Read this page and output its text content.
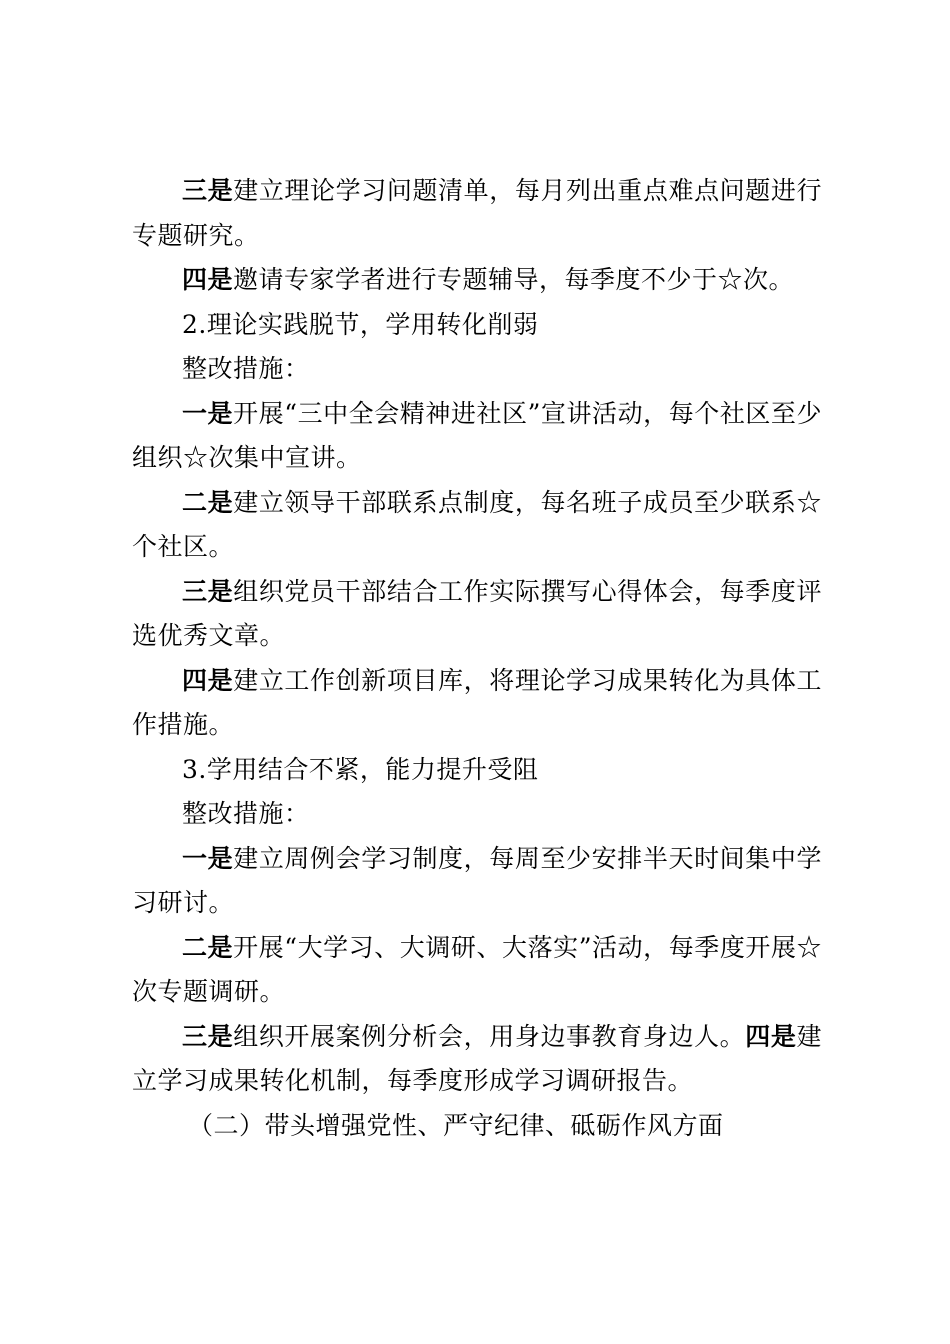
三是建立理论学习问题清单，每月列出重点难点问题进行专题研究。

四是邀请专家学者进行专题辅导，每季度不少于☆次。

2.理论实践脱节，学用转化削弱

整改措施：

一是开展“三中全会精神进社区”宣讲活动，每个社区至少组织☆次集中宣讲。

二是建立领导干部联系点制度，每名班子成员至少联系☆个社区。

三是组织党员干部结合工作实际撰写心得体会，每季度评选优秀文章。

四是建立工作创新项目库，将理论学习成果转化为具体工作措施。

3.学用结合不紧，能力提升受阻

整改措施：

一是建立周例会学习制度，每周至少安排半天时间集中学习研讨。

二是开展“大学习、大调研、大落实”活动，每季度开展☆次专题调研。

三是组织开展案例分析会，用身边事教育身边人。四是建立学习成果转化机制，每季度形成学习调研报告。

（二）带头增强党性、严守纪律、砥砺作风方面
